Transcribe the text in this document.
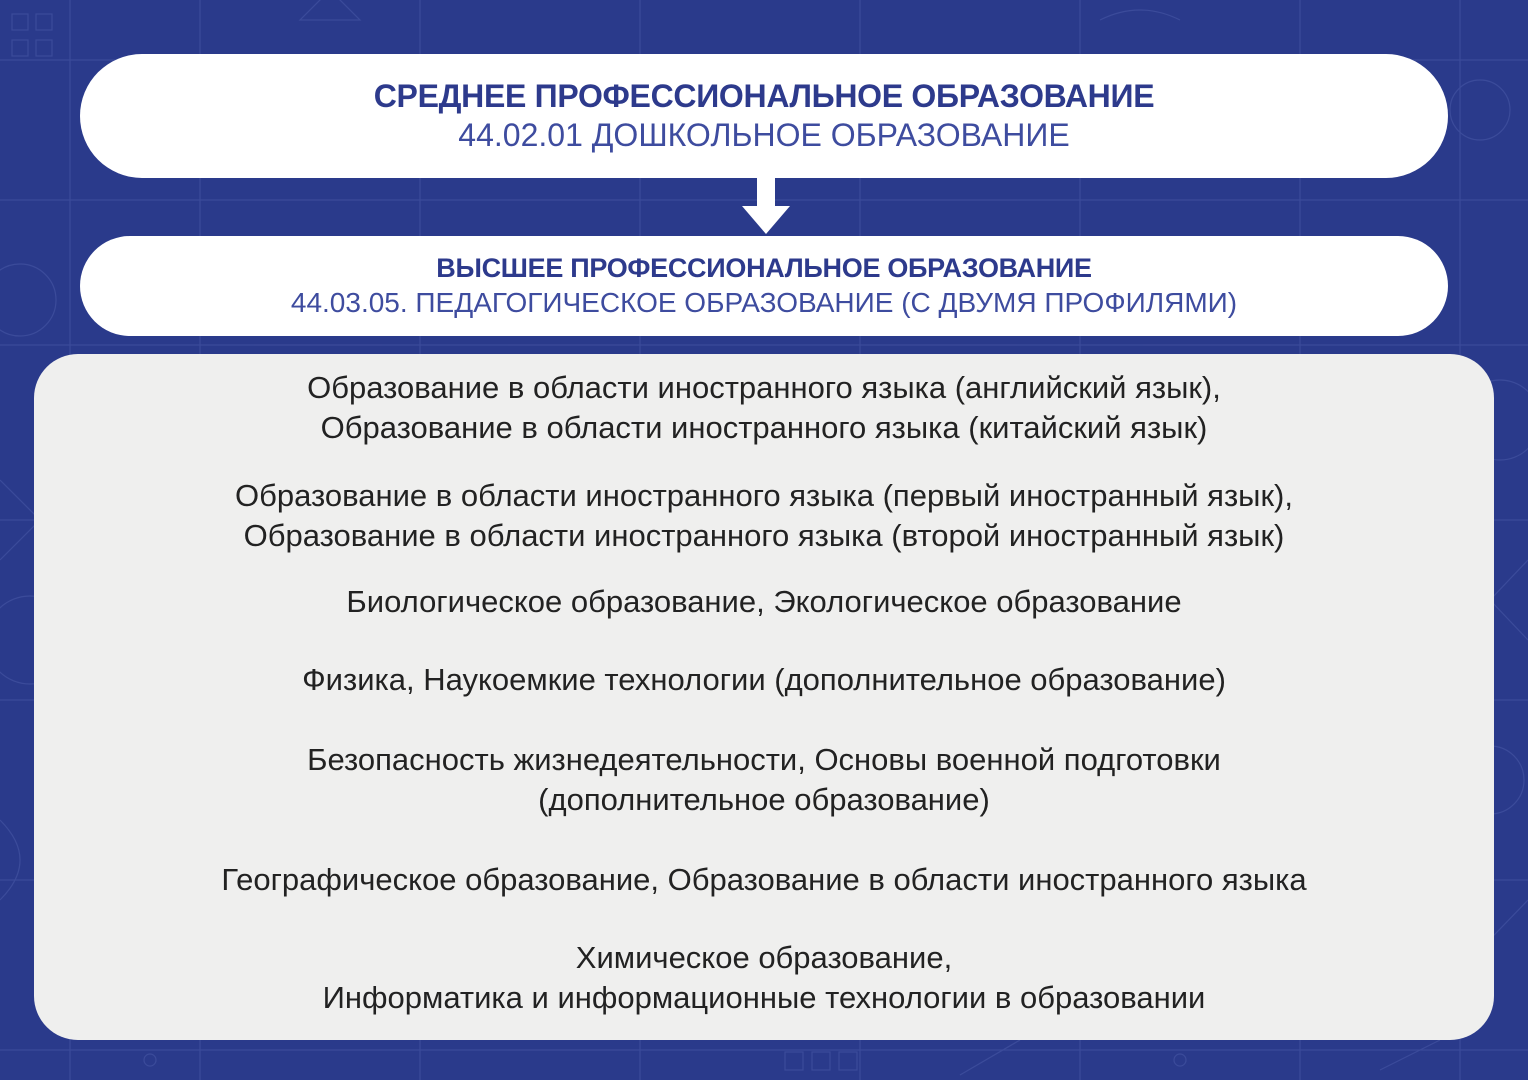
СРЕДНЕЕ ПРОФЕССИОНАЛЬНОЕ ОБРАЗОВАНИЕ
44.02.01 ДОШКОЛЬНОЕ ОБРАЗОВАНИЕ
ВЫСШЕЕ ПРОФЕССИОНАЛЬНОЕ ОБРАЗОВАНИЕ
44.03.05. ПЕДАГОГИЧЕСКОЕ ОБРАЗОВАНИЕ (С ДВУМЯ ПРОФИЛЯМИ)
Образование в области иностранного языка (английский язык),
Образование в области иностранного языка (китайский язык)
Образование в области иностранного языка (первый иностранный язык),
Образование в области иностранного языка (второй иностранный язык)
Биологическое образование, Экологическое образование
Физика, Наукоемкие технологии (дополнительное образование)
Безопасность жизнедеятельности, Основы военной подготовки
(дополнительное образование)
Географическое образование, Образование в области иностранного языка
Химическое образование,
Информатика и информационные технологии в образовании
